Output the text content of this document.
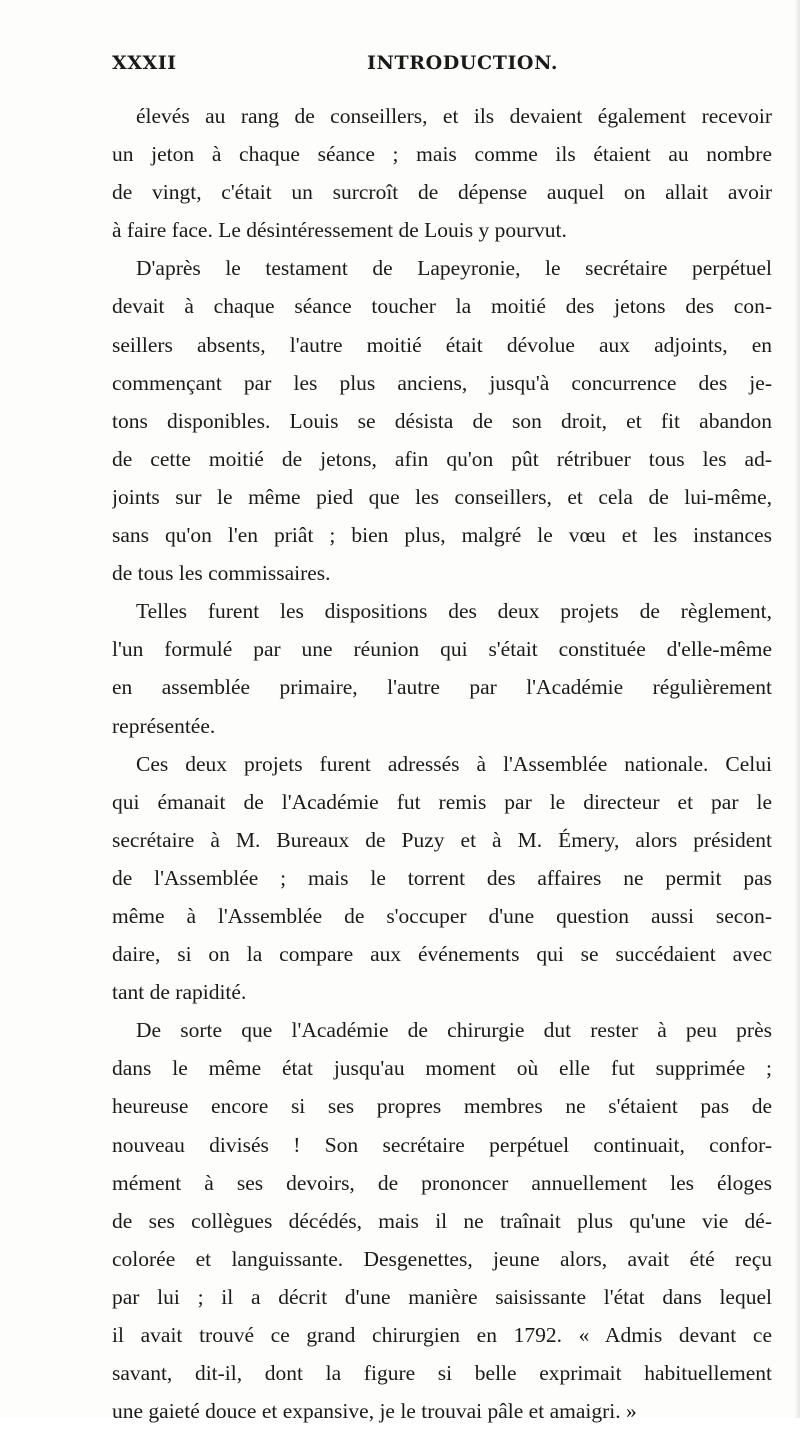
XXXII	INTRODUCTION.
élevés au rang de conseillers, et ils devaient également recevoir
un jeton à chaque séance ; mais comme ils étaient au nombre
de vingt, c'était un surcroît de dépense auquel on allait avoir
à faire face. Le désintéressement de Louis y pourvut.
D'après le testament de Lapeyronie, le secrétaire perpétuel
devait à chaque séance toucher la moitié des jetons des con-
seillers absents, l'autre moitié était dévolue aux adjoints, en
commençant par les plus anciens, jusqu'à concurrence des je-
tons disponibles. Louis se désista de son droit, et fit abandon
de cette moitié de jetons, afin qu'on pût rétribuer tous les ad-
joints sur le même pied que les conseillers, et cela de lui-même,
sans qu'on l'en priât ; bien plus, malgré le vœu et les instances
de tous les commissaires.
Telles furent les dispositions des deux projets de règlement,
l'un formulé par une réunion qui s'était constituée d'elle-même
en assemblée primaire, l'autre par l'Académie régulièrement
représentée.
Ces deux projets furent adressés à l'Assemblée nationale. Celui
qui émanait de l'Académie fut remis par le directeur et par le
secrétaire à M. Bureaux de Puzy et à M. Émery, alors président
de l'Assemblée ; mais le torrent des affaires ne permit pas
même à l'Assemblée de s'occuper d'une question aussi secon-
daire, si on la compare aux événements qui se succédaient avec
tant de rapidité.
De sorte que l'Académie de chirurgie dut rester à peu près
dans le même état jusqu'au moment où elle fut supprimée ;
heureuse encore si ses propres membres ne s'étaient pas de
nouveau divisés ! Son secrétaire perpétuel continuait, confor-
mément à ses devoirs, de prononcer annuellement les éloges
de ses collègues décédés, mais il ne traînait plus qu'une vie dé-
colorée et languissante. Desgenettes, jeune alors, avait été reçu
par lui ; il a décrit d'une manière saisissante l'état dans lequel
il avait trouvé ce grand chirurgien en 1792. « Admis devant ce
savant, dit-il, dont la figure si belle exprimait habituellement
une gaieté douce et expansive, je le trouvai pâle et amaigri. »
